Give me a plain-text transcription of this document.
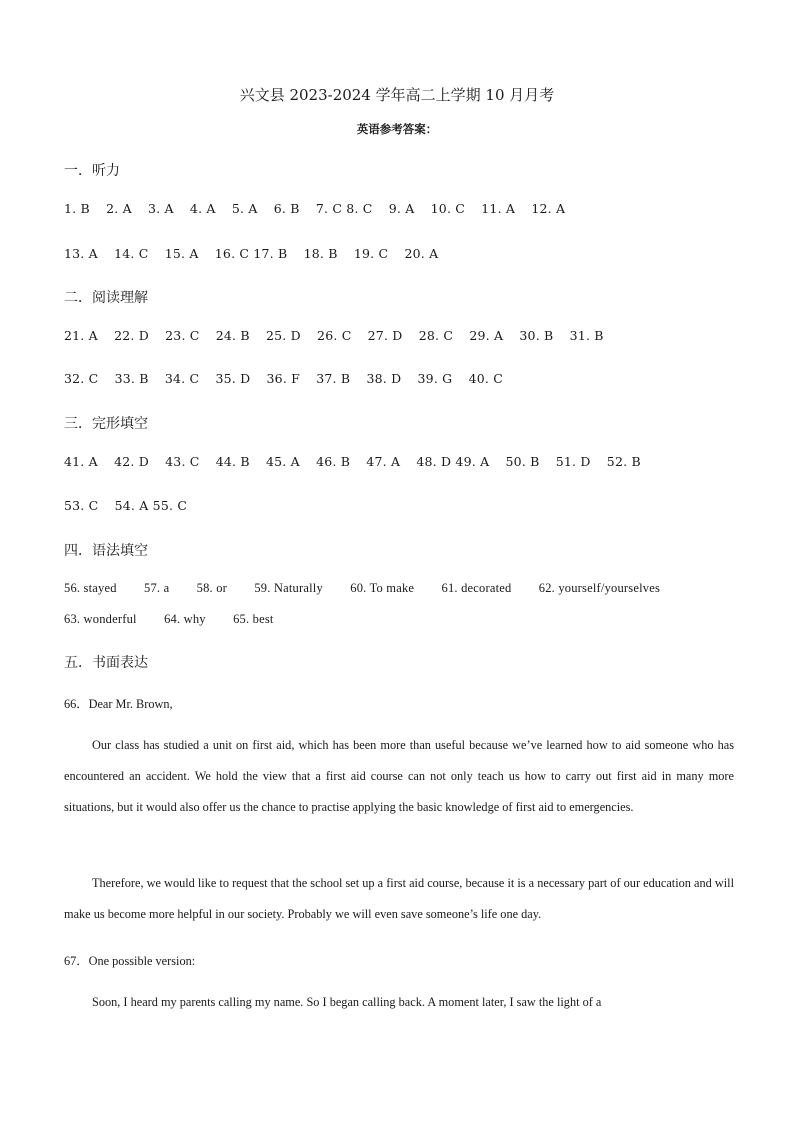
兴文县 2023-2024 学年高二上学期 10 月月考
英语参考答案：
一．听力
1. B 2. A 3. A 4. A 5. A 6. B 7. C 8. C 9. A 10. C 11. A 12. A
13. A 14. C 15. A 16. C 17. B 18. B 19. C 20. A
二．阅读理解
21. A 22. D 23. C 24. B 25. D 26. C 27. D 28. C 29. A 30. B 31. B
32. C 33. B 34. C 35. D 36. F 37. B 38. D 39. G 40. C
三．完形填空
41. A 42. D 43. C 44. B 45. A 46. B 47. A 48. D 49. A 50. B 51. D 52. B
53. C 54. A 55. C
四．语法填空
56. stayed 57. a 58. or 59. Naturally 60. To make 61. decorated 62. yourself/yourselves
63. wonderful 64. why 65. best
五．书面表达
66．Dear Mr. Brown,
Our class has studied a unit on first aid, which has been more than useful because we’ve learned how to aid someone who has encountered an accident. We hold the view that a first aid course can not only teach us how to carry out first aid in many more situations, but it would also offer us the chance to practise applying the basic knowledge of first aid to emergencies.
Therefore, we would like to request that the school set up a first aid course, because it is a necessary part of our education and will make us become more helpful in our society. Probably we will even save someone’s life one day.
67．One possible version:
Soon, I heard my parents calling my name. So I began calling back. A moment later, I saw the light of a
